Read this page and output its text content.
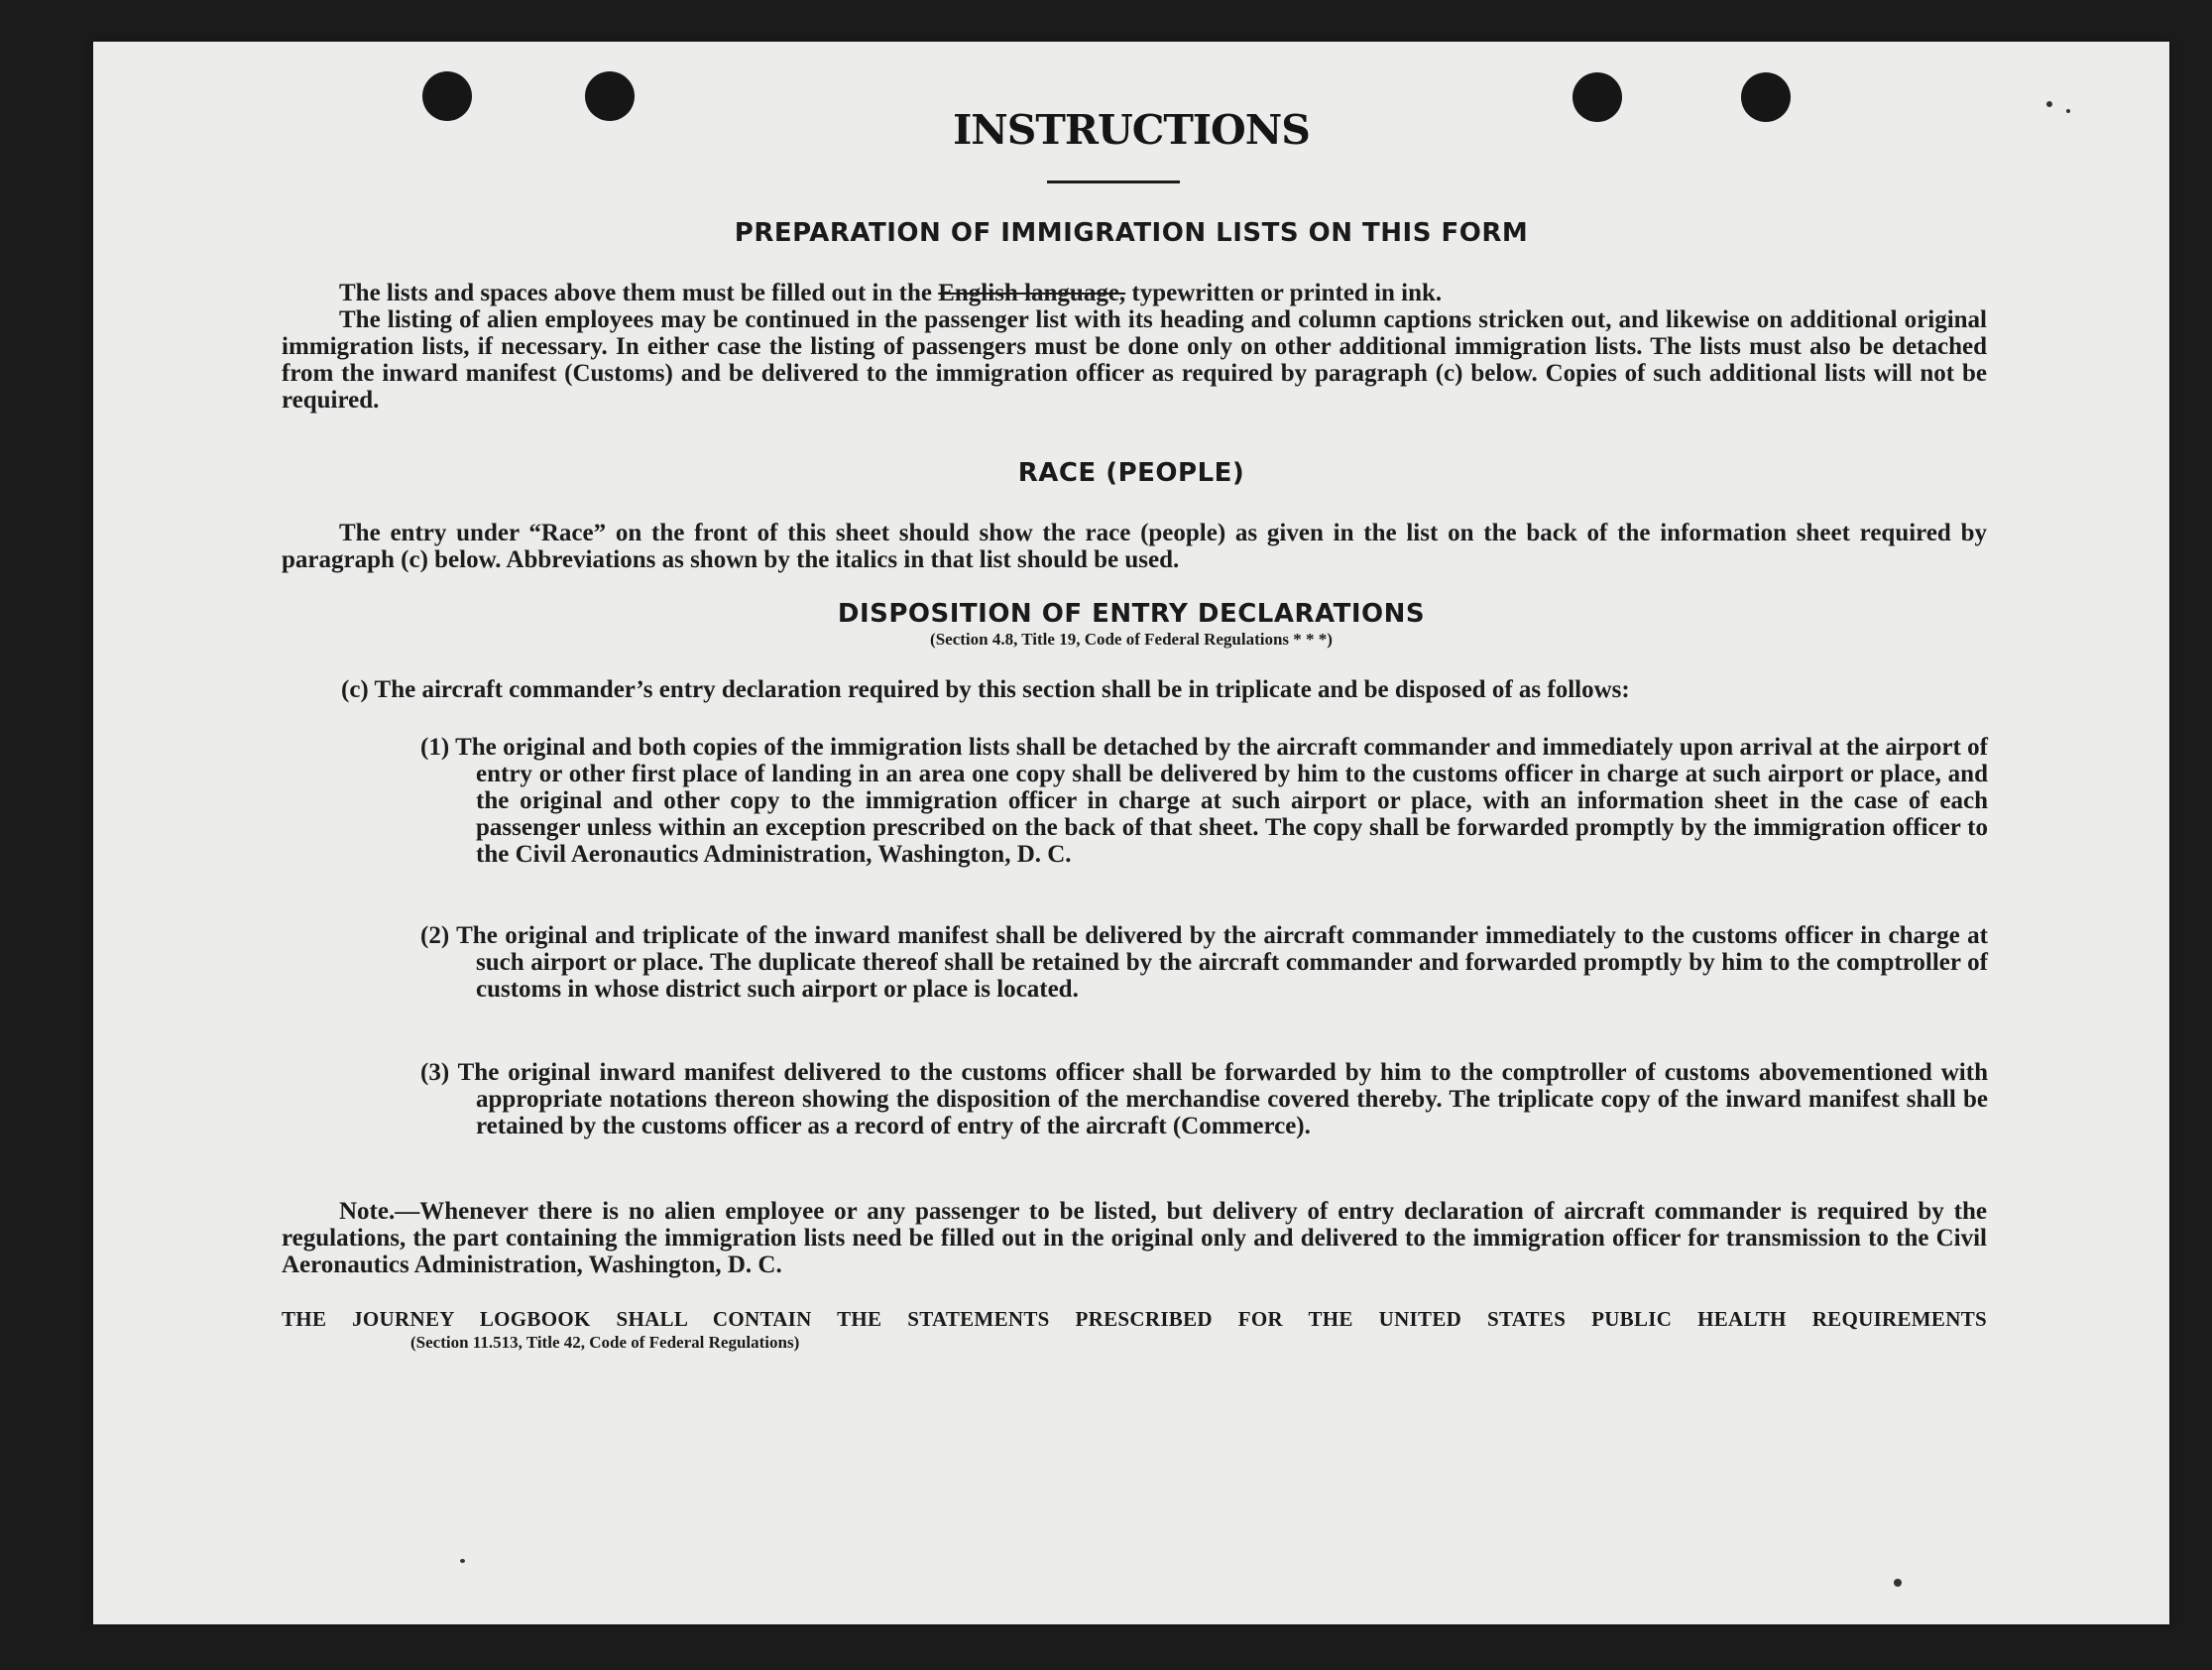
INSTRUCTIONS
PREPARATION OF IMMIGRATION LISTS ON THIS FORM
The lists and spaces above them must be filled out in the English language, typewritten or printed in ink.
The listing of alien employees may be continued in the passenger list with its heading and column captions stricken out, and likewise on additional original immigration lists, if necessary. In either case the listing of passengers must be done only on other additional immigration lists. The lists must also be detached from the inward manifest (Customs) and be delivered to the immigration officer as required by paragraph (c) below. Copies of such additional lists will not be required.
RACE (PEOPLE)
The entry under “Race” on the front of this sheet should show the race (people) as given in the list on the back of the information sheet required by paragraph (c) below. Abbreviations as shown by the italics in that list should be used.
DISPOSITION OF ENTRY DECLARATIONS
(Section 4.8, Title 19, Code of Federal Regulations * * *)
(c) The aircraft commander’s entry declaration required by this section shall be in triplicate and be disposed of as follows:
(1) The original and both copies of the immigration lists shall be detached by the aircraft commander and immediately upon arrival at the airport of entry or other first place of landing in an area one copy shall be delivered by him to the customs officer in charge at such airport or place, and the original and other copy to the immigration officer in charge at such airport or place, with an information sheet in the case of each passenger unless within an exception prescribed on the back of that sheet. The copy shall be forwarded promptly by the immigration officer to the Civil Aeronautics Administration, Washington, D. C.
(2) The original and triplicate of the inward manifest shall be delivered by the aircraft commander immediately to the customs officer in charge at such airport or place. The duplicate thereof shall be retained by the aircraft commander and forwarded promptly by him to the comptroller of customs in whose district such airport or place is located.
(3) The original inward manifest delivered to the customs officer shall be forwarded by him to the comptroller of customs abovementioned with appropriate notations thereon showing the disposition of the merchandise covered thereby. The triplicate copy of the inward manifest shall be retained by the customs officer as a record of entry of the aircraft (Commerce).
Note.—Whenever there is no alien employee or any passenger to be listed, but delivery of entry declaration of aircraft commander is required by the regulations, the part containing the immigration lists need be filled out in the original only and delivered to the immigration officer for transmission to the Civil Aeronautics Administration, Washington, D. C.
THE JOURNEY LOGBOOK SHALL CONTAIN THE STATEMENTS PRESCRIBED FOR THE UNITED STATES PUBLIC HEALTH REQUIREMENTS
(Section 11.513, Title 42, Code of Federal Regulations)
